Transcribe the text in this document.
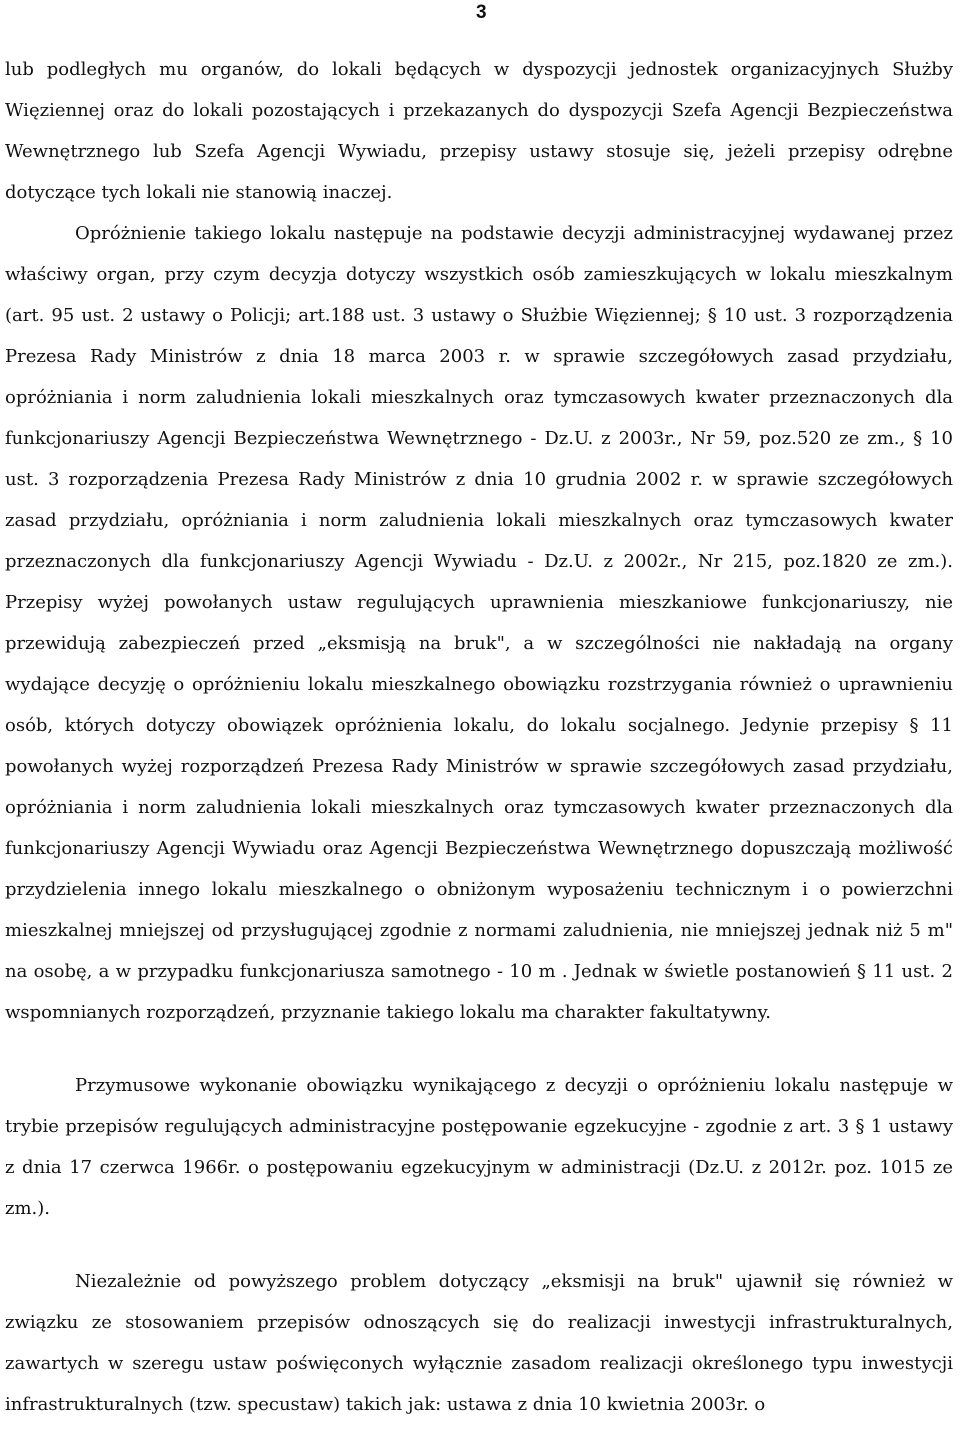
3

lub podległych mu organów, do lokali będących w dyspozycji jednostek organizacyjnych Służby Więziennej oraz do lokali pozostających i przekazanych do dyspozycji Szefa Agencji Bezpieczeństwa Wewnętrznego lub Szefa Agencji Wywiadu, przepisy ustawy stosuje się, jeżeli przepisy odrębne dotyczące tych lokali nie stanowią inaczej.

Opróżnienie takiego lokalu następuje na podstawie decyzji administracyjnej wydawanej przez właściwy organ, przy czym decyzja dotyczy wszystkich osób zamieszkujących w lokalu mieszkalnym (art. 95 ust. 2 ustawy o Policji; art.188 ust. 3 ustawy o Służbie Więziennej; § 10 ust. 3 rozporządzenia Prezesa Rady Ministrów z dnia 18 marca 2003 r. w sprawie szczegółowych zasad przydziału, opróżniania i norm zaludnienia lokali mieszkalnych oraz tymczasowych kwater przeznaczonych dla funkcjonariuszy Agencji Bezpieczeństwa Wewnętrznego - Dz.U. z 2003r., Nr 59, poz.520 ze zm., § 10 ust. 3 rozporządzenia Prezesa Rady Ministrów z dnia 10 grudnia 2002 r. w sprawie szczegółowych zasad przydziału, opróżniania i norm zaludnienia lokali mieszkalnych oraz tymczasowych kwater przeznaczonych dla funkcjonariuszy Agencji Wywiadu - Dz.U. z 2002r., Nr 215, poz.1820 ze zm.). Przepisy wyżej powołanych ustaw regulujących uprawnienia mieszkaniowe funkcjonariuszy, nie przewidują zabezpieczeń przed „eksmisją na bruk", a w szczególności nie nakładają na organy wydające decyzję o opróżnieniu lokalu mieszkalnego obowiązku rozstrzygania również o uprawnieniu osób, których dotyczy obowiązek opróżnienia lokalu, do lokalu socjalnego. Jedynie przepisy § 11 powołanych wyżej rozporządzeń Prezesa Rady Ministrów w sprawie szczegółowych zasad przydziału, opróżniania i norm zaludnienia lokali mieszkalnych oraz tymczasowych kwater przeznaczonych dla funkcjonariuszy Agencji Wywiadu oraz Agencji Bezpieczeństwa Wewnętrznego dopuszczają możliwość przydzielenia innego lokalu mieszkalnego o obniżonym wyposażeniu technicznym i o powierzchni mieszkalnej mniejszej od przysługującej zgodnie z normami zaludnienia, nie mniejszej jednak niż 5 m" na osobę, a w przypadku funkcjonariusza samotnego - 10 m . Jednak w świetle postanowień § 11 ust. 2 wspomnianych rozporządzeń, przyznanie takiego lokalu ma charakter fakultatywny.

Przymusowe wykonanie obowiązku wynikającego z decyzji o opróżnieniu lokalu następuje w trybie przepisów regulujących administracyjne postępowanie egzekucyjne - zgodnie z art. 3 § 1 ustawy z dnia 17 czerwca 1966r. o postępowaniu egzekucyjnym w administracji (Dz.U. z 2012r. poz. 1015 ze zm.).

Niezależnie od powyższego problem dotyczący „eksmisji na bruk" ujawnił się również w związku ze stosowaniem przepisów odnoszących się do realizacji inwestycji infrastrukturalnych, zawartych w szeregu ustaw poświęconych wyłącznie zasadom realizacji określonego typu inwestycji infrastrukturalnych (tzw. specustaw) takich jak: ustawa z dnia 10 kwietnia 2003r. o
